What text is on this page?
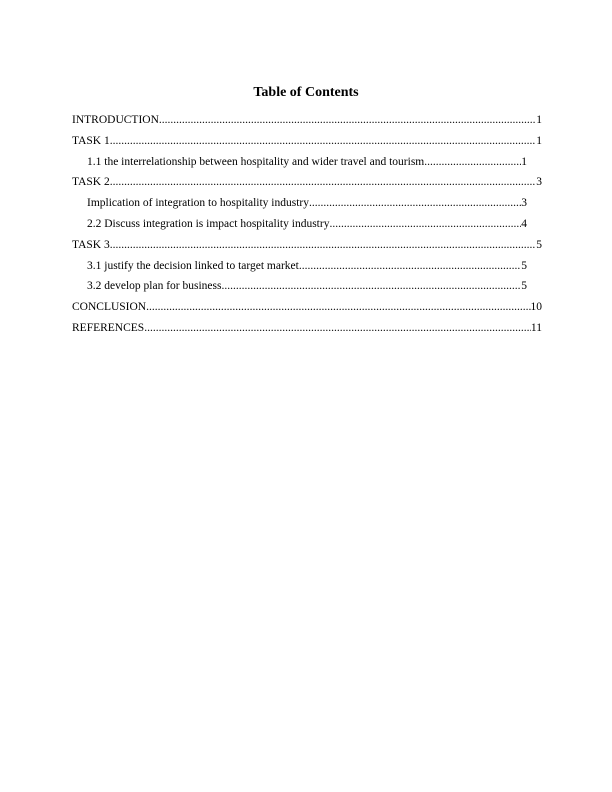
Table of Contents
INTRODUCTION .....	1
TASK 1 .....	1
1.1 the interrelationship between hospitality and wider travel and tourism .....	1
TASK 2 .....	3
Implication of integration to hospitality industry .....	3
2.2 Discuss integration is impact hospitality industry .....	4
TASK 3 .....	5
3.1 justify the decision linked to target market .....	5
3.2 develop plan for business .....	5
CONCLUSION .....	10
REFERENCES .....	11
